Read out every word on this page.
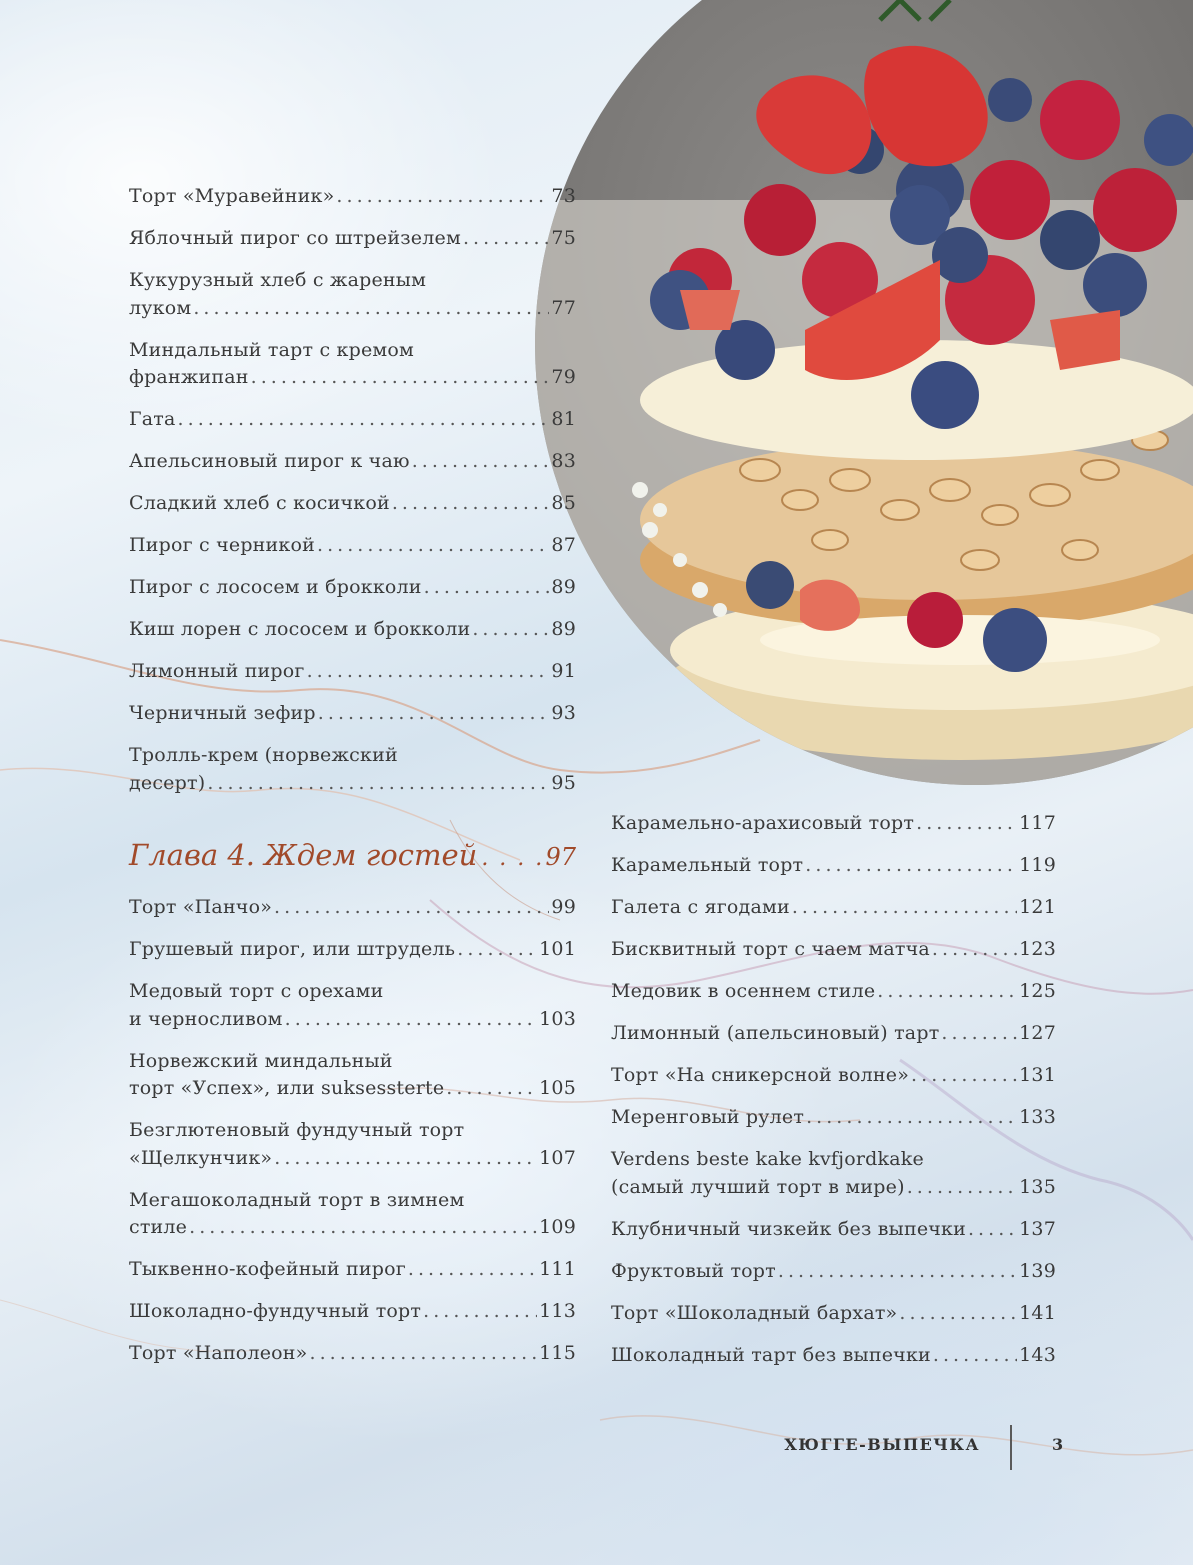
Торт «Муравейник» . . .	73
Яблочный пирог со штрейзелем . . .	75
Кукурузный хлеб с жареным
луком . . .	77
Миндальный тарт с кремом
франжипан . . .	79
Гата . . .	81
Апельсиновый пирог к чаю . . .	83
Сладкий хлеб с косичкой . . .	85
Пирог с черникой . . .	87
Пирог с лососем и брокколи . . .	89
Киш лорен с лососем и брокколи . . .	89
Лимонный пирог . . .	91
Черничный зефир . . .	93
Тролль-крем (норвежский
десерт) . . .	95
Глава 4. Ждем гостей . . .	97
Торт «Панчо» . . .	99
Грушевый пирог, или штрудель . . .	101
Медовый торт с орехами
и черносливом . . .	103
Норвежский миндальный
торт «Успех», или suksessterte . . .	105
Безглютеновый фундучный торт
«Щелкунчик» . . .	107
Мегашоколадный торт в зимнем
стиле . . .	109
Тыквенно-кофейный пирог . . .	111
Шоколадно-фундучный торт . . .	113
Торт «Наполеон» . . .	115
Карамельно-арахисовый торт . . .	117
Карамельный торт . . .	119
Галета с ягодами . . .	121
Бисквитный торт с чаем матча . . .	123
Медовик в осеннем стиле . . .	125
Лимонный (апельсиновый) тарт . . .	127
Торт «На сникерсной волне» . . .	131
Меренговый рулет . . .	133
Verdens beste kake kvfjordkake
(самый лучший торт в мире) . . .	135
Клубничный чизкейк без выпечки . . .	137
Фруктовый торт . . .	139
Торт «Шоколадный бархат» . . .	141
Шоколадный тарт без выпечки . . .	143
ХЮГГЕ-ВЫПЕЧКА	3
